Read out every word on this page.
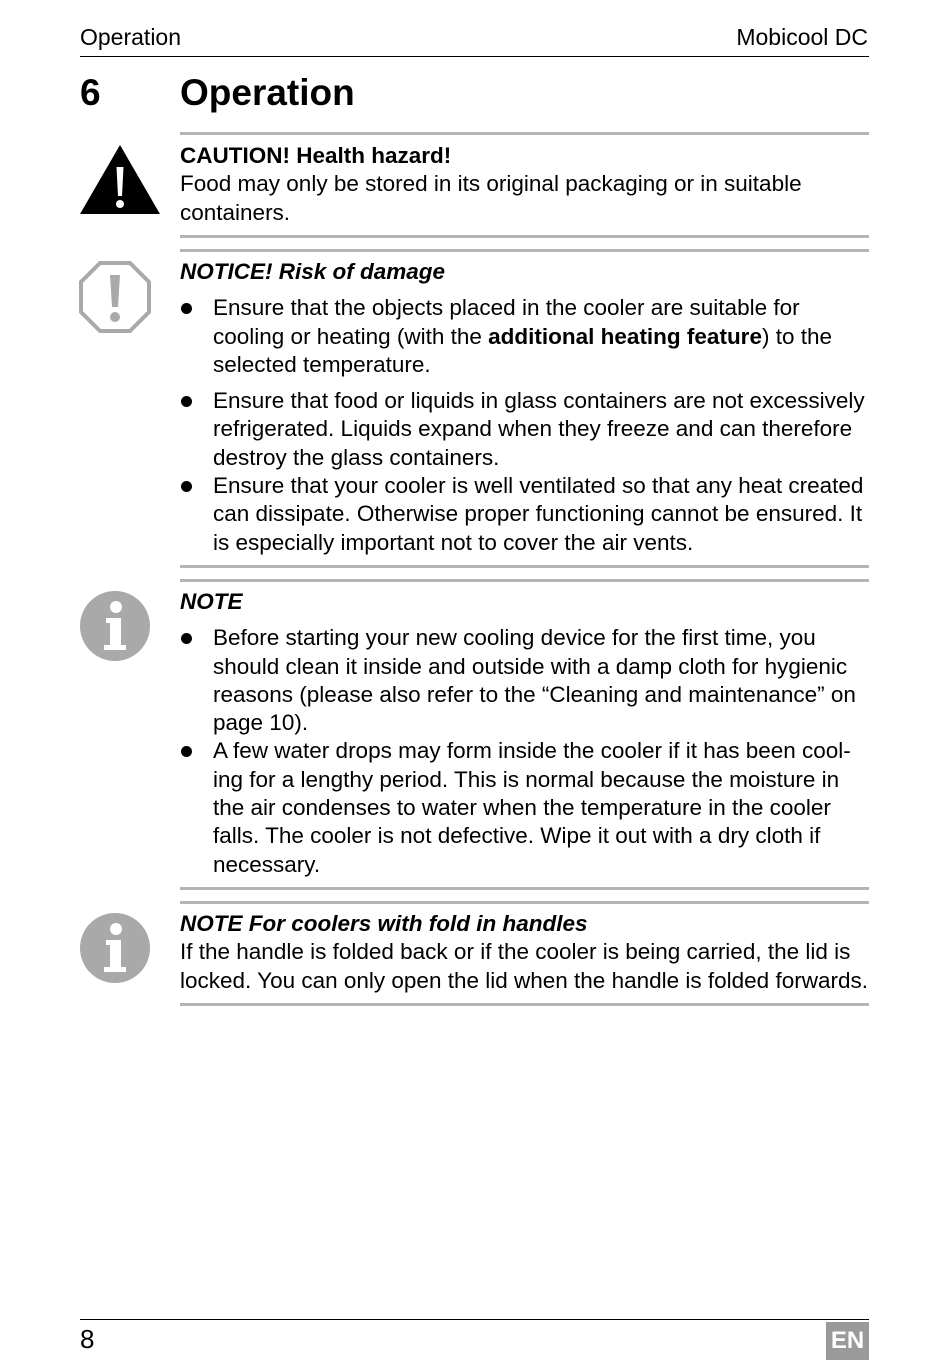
Operation	Mobicool DC
6 Operation
CAUTION! Health hazard!
Food may only be stored in its original packaging or in suitable containers.
NOTICE! Risk of damage
Ensure that the objects placed in the cooler are suitable for cooling or heating (with the additional heating feature) to the selected temperature.
Ensure that food or liquids in glass containers are not excessively refrigerated. Liquids expand when they freeze and can therefore destroy the glass containers.
Ensure that your cooler is well ventilated so that any heat created can dissipate. Otherwise proper functioning cannot be ensured. It is especially important not to cover the air vents.
NOTE
Before starting your new cooling device for the first time, you should clean it inside and outside with a damp cloth for hygienic reasons (please also refer to the “Cleaning and maintenance” on page 10).
A few water drops may form inside the cooler if it has been cool-ing for a lengthy period. This is normal because the moisture in the air condenses to water when the temperature in the cooler falls. The cooler is not defective. Wipe it out with a dry cloth if necessary.
NOTE For coolers with fold in handles
If the handle is folded back or if the cooler is being carried, the lid is locked. You can only open the lid when the handle is folded forwards.
8	EN
